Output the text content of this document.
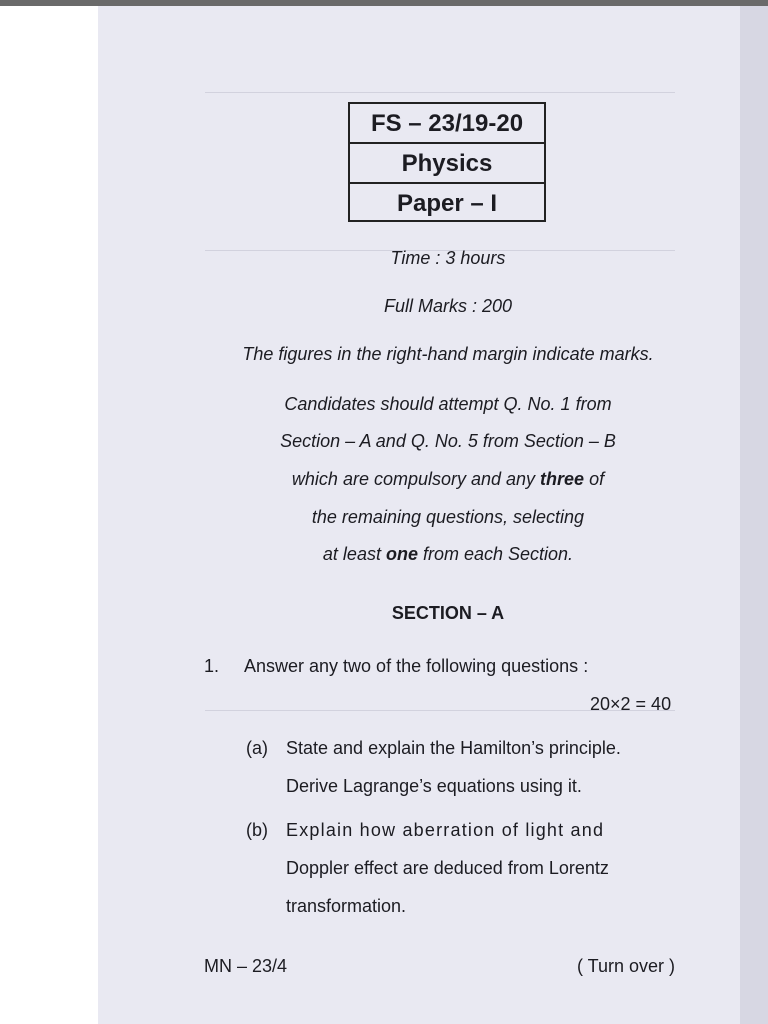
FS – 23/19-20
Physics
Paper – I
Time : 3 hours
Full Marks : 200
The figures in the right-hand margin indicate marks.
Candidates should attempt Q. No. 1 from
Section – A and Q. No. 5 from Section – B
which are compulsory and any three of
the remaining questions, selecting
at least one from each Section.
SECTION – A
1. Answer any two of the following questions :
20×2 = 40
(a) State and explain the Hamilton’s principle.
Derive Lagrange’s equations using it.
(b) Explain how aberration of light and
Doppler effect are deduced from Lorentz
transformation.
MN – 23/4	( Turn over )
